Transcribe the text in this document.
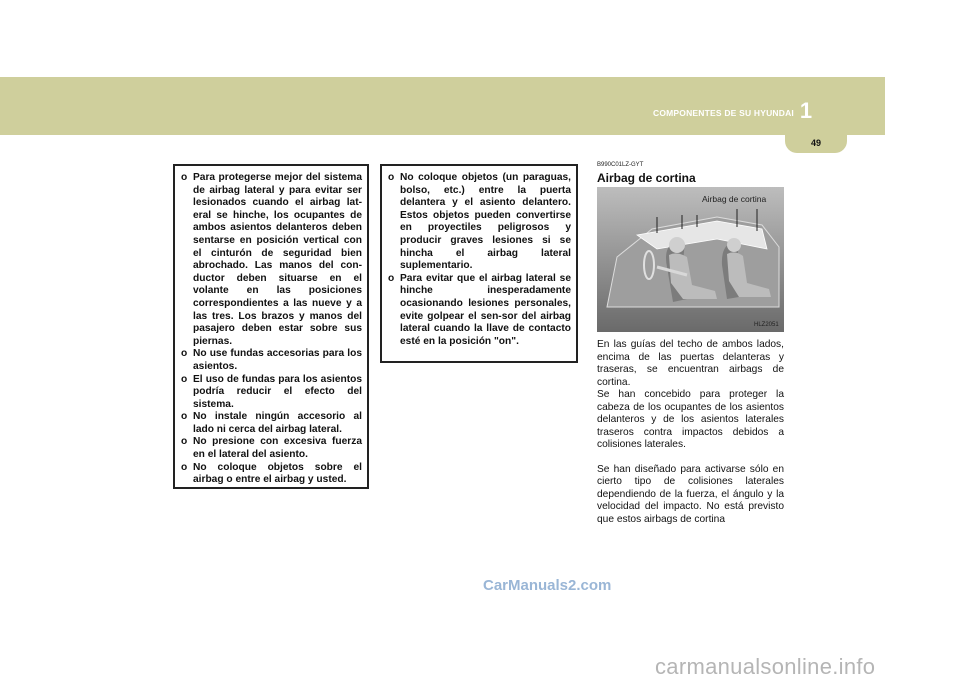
COMPONENTES DE SU HYUNDAI 1
49
o Para protegerse mejor del sistema de airbag lateral y para evitar ser lesionados cuando el airbag lat-eral se hinche, los ocupantes de ambos asientos delanteros deben sentarse en posición vertical con el cinturón de seguridad bien abrochado. Las manos del con-ductor deben situarse en el volante en las posiciones correspondientes a las nueve y a las tres. Los brazos y manos del pasajero deben estar sobre sus piernas.
o No use fundas accesorias para los asientos.
o El uso de fundas para los asientos podría reducir el efecto del sistema.
o No instale ningún accesorio al lado ni cerca del airbag lateral.
o No presione con excesiva fuerza en el lateral del asiento.
o No coloque objetos sobre el airbag o entre el airbag y usted.
o No coloque objetos (un paraguas, bolso, etc.) entre la puerta delantera y el asiento delantero. Estos objetos pueden convertirse en proyectiles peligrosos y producir graves lesiones si se hincha el airbag lateral suplementario.
o Para evitar que el airbag lateral se hinche inesperadamente ocasionando lesiones personales, evite golpear el sen-sor del airbag lateral cuando la llave de contacto esté en la posición "on".
B990C01LZ-GYT
Airbag de cortina
Airbag de cortina
HLZ2051

En las guías del techo de ambos lados, encima de las puertas delanteras y traseras, se encuentran airbags de cortina.

Se han concebido para proteger la cabeza de los ocupantes de los asientos delanteros y de los asientos laterales traseros contra impactos debidos a colisiones laterales.

Se han diseñado para activarse sólo en cierto tipo de colisiones laterales dependiendo de la fuerza, el ángulo y la velocidad del impacto. No está previsto que estos airbags de cortina

CarManuals2.com
carmanualsonline.info
